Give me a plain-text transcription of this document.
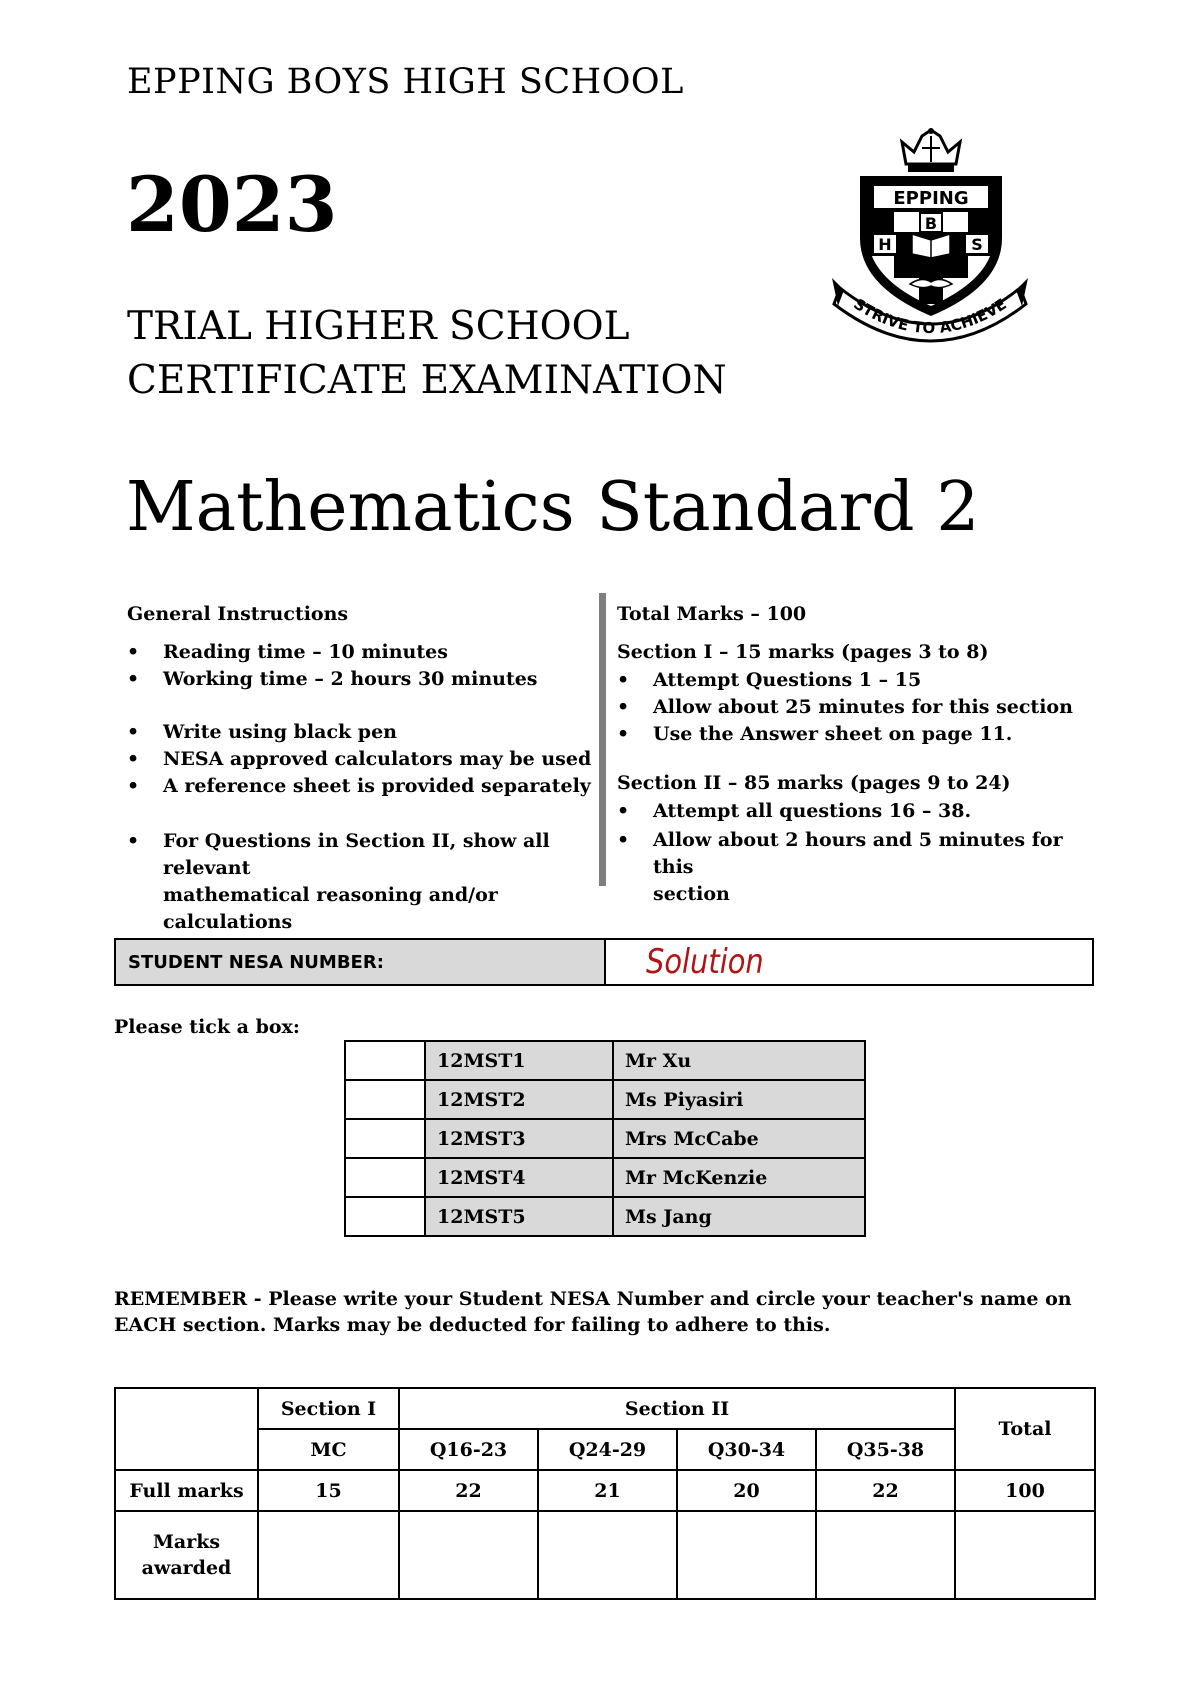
EPPING BOYS HIGH SCHOOL
2023
TRIAL HIGHER SCHOOL
CERTIFICATE EXAMINATION
Mathematics Standard 2
EPPING
B
H	S
STRIVE TO ACHIEVE
General Instructions
• Reading time – 10 minutes
• Working time – 2 hours 30 minutes
• Write using black pen
• NESA approved calculators may be used
• A reference sheet is provided separately
• For Questions in Section II, show all relevant
mathematical reasoning and/or calculations
Total Marks – 100
Section I – 15 marks (pages 3 to 8)
• Attempt Questions 1 – 15
• Allow about 25 minutes for this section
• Use the Answer sheet on page 11.
Section II – 85 marks (pages 9 to 24)
• Attempt all questions 16 – 38.
• Allow about 2 hours and 5 minutes for this
section
STUDENT NESA NUMBER:	Solution
Please tick a box:
	12MST1	Mr Xu
	12MST2	Ms Piyasiri
	12MST3	Mrs McCabe
	12MST4	Mr McKenzie
	12MST5	Ms Jang
REMEMBER - Please write your Student NESA Number and circle your teacher's name on EACH section. Marks may be deducted for failing to adhere to this.
	Section I	Section II				Total
	MC	Q16-23	Q24-29	Q30-34	Q35-38	
Full marks	15	22	21	20	22	100
Marks
awarded						
